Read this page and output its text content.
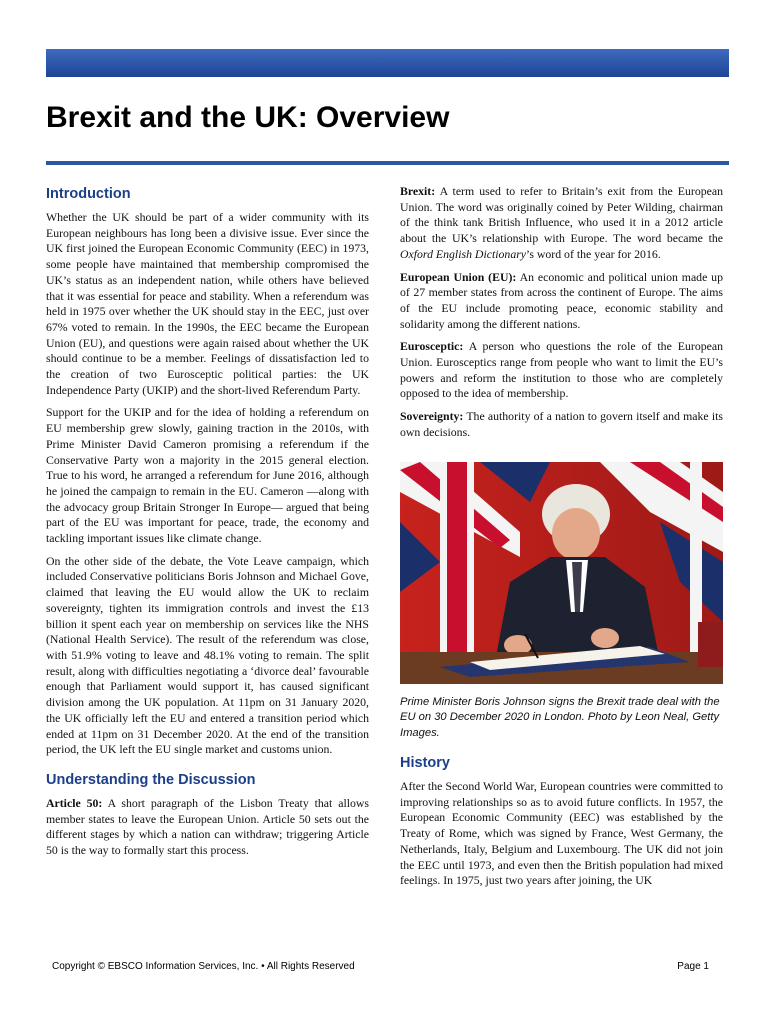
Brexit and the UK: Overview
Introduction

Whether the UK should be part of a wider community with its European neighbours has long been a divisive issue. Ever since the UK first joined the European Economic Community (EEC) in 1973, some people have maintained that membership compromised the UK’s status as an independent nation, while others have believed that it was essential for peace and stability. When a referendum was held in 1975 over whether the UK should stay in the EEC, just over 67% voted to remain. In the 1990s, the EEC became the European Union (EU), and questions were again raised about whether the UK should continue to be a member. Feelings of dissatisfaction led to the creation of two Eurosceptic political parties: the UK Independence Party (UKIP) and the short-lived Referendum Party.

Support for the UKIP and for the idea of holding a referendum on EU membership grew slowly, gaining traction in the 2010s, with Prime Minister David Cameron promising a referendum if the Conservative Party won a majority in the 2015 general election. True to his word, he arranged a referendum for June 2016, although he joined the campaign to remain in the EU. Cameron —along with the advocacy group Britain Stronger In Europe— argued that being part of the EU was important for peace, trade, the economy and tackling important issues like climate change.

On the other side of the debate, the Vote Leave campaign, which included Conservative politicians Boris Johnson and Michael Gove, claimed that leaving the EU would allow the UK to reclaim sovereignty, tighten its immigration controls and invest the £13 billion it spent each year on membership on services like the NHS (National Health Service). The result of the referendum was close, with 51.9% voting to leave and 48.1% voting to remain. The split result, along with difficulties negotiating a ‘divorce deal’ favourable enough that Parliament would support it, has caused significant division among the UK population. At 11pm on 31 January 2020, the UK officially left the EU and entered a transition period which ended at 11pm on 31 December 2020. At the end of the transition period, the UK left the EU single market and customs union.

Understanding the Discussion

Article 50: A short paragraph of the Lisbon Treaty that allows member states to leave the European Union. Article 50 sets out the different stages by which a nation can withdraw; triggering Article 50 is the way to formally start this process.

Brexit: A term used to refer to Britain’s exit from the European Union. The word was originally coined by Peter Wilding, chairman of the think tank British Influence, who used it in a 2012 article about the UK’s relationship with Europe. The word became the Oxford English Dictionary’s word of the year for 2016.

European Union (EU): An economic and political union made up of 27 member states from across the continent of Europe. The aims of the EU include promoting peace, economic stability and solidarity among the different nations.

Eurosceptic: A person who questions the role of the European Union. Eurosceptics range from people who want to limit the EU’s powers and reform the institution to those who are completely opposed to the idea of membership.

Sovereignty: The authority of a nation to govern itself and make its own decisions.

Prime Minister Boris Johnson signs the Brexit trade deal with the EU on 30 December 2020 in London. Photo by Leon Neal, Getty Images.

History

After the Second World War, European countries were committed to improving relationships so as to avoid future conflicts. In 1957, the European Economic Community (EEC) was established by the Treaty of Rome, which was signed by France, West Germany, the Netherlands, Italy, Belgium and Luxembourg. The UK did not join the EEC until 1973, and even then the British population had mixed feelings. In 1975, just two years after joining, the UK

Copyright © EBSCO Information Services, Inc. • All Rights Reserved	Page 1
